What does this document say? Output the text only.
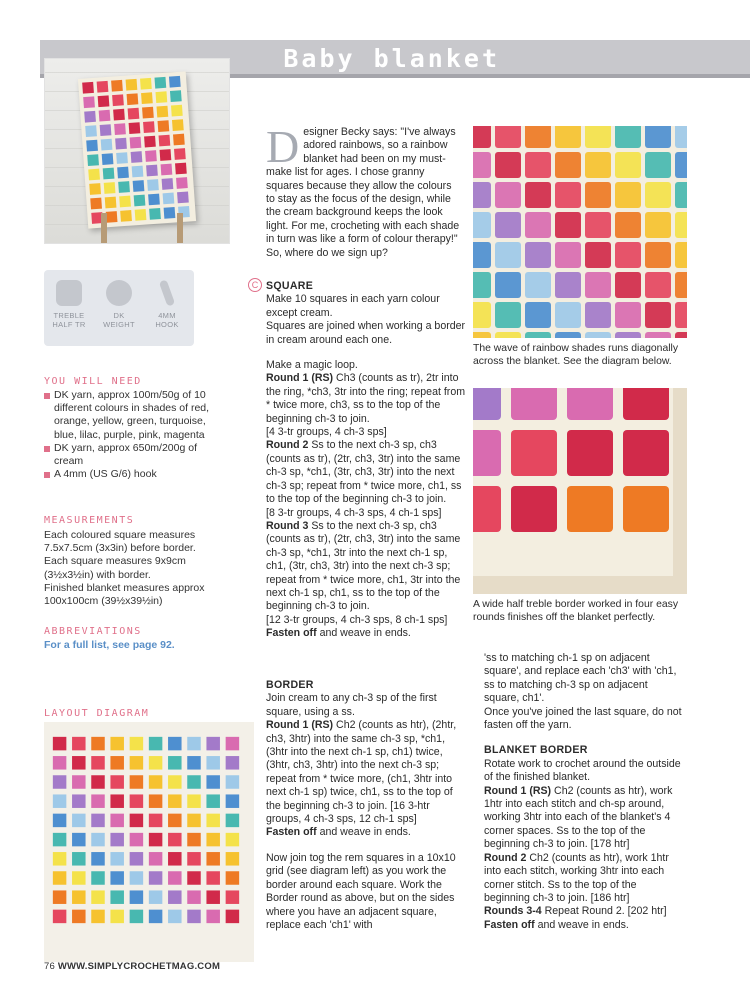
Baby blanket
TREBLE
HALF TR
DK
WEIGHT
4MM
HOOK
YOU WILL NEED
DK yarn, approx 100m/50g of 10 different colours in shades of red, orange, yellow, green, turquoise, blue, lilac, purple, pink, magenta
DK yarn, approx 650m/200g of cream
A 4mm (US G/6) hook
MEASUREMENTS

Each coloured square measures 7.5x7.5cm (3x3in) before border.

Each square measures 9x9cm (3½x3½in) with border.

Finished blanket measures approx 100x100cm (39½x39½in)

ABBREVIATIONS
For a full list, see page 92.
LAYOUT DIAGRAM

Designer Becky says: "I've always adored rainbows, so a rainbow blanket had been on my must-make list for ages. I chose granny squares because they allow the colours to stay as the focus of the design, while the cream background keeps the look light. For me, crocheting with each shade in turn was like a form of colour therapy!" So, where do we sign up?

C SQUARE

Make 10 squares in each yarn colour except cream.

Squares are joined when working a border in cream around each one.

Make a magic loop.

Round 1 (RS) Ch3 (counts as tr), 2tr into the ring, *ch3, 3tr into the ring; repeat from * twice more, ch3, ss to the top of the beginning ch-3 to join.

[4 3-tr groups, 4 ch-3 sps]

Round 2 Ss to the next ch-3 sp, ch3 (counts as tr), (2tr, ch3, 3tr) into the same ch-3 sp, *ch1, (3tr, ch3, 3tr) into the next ch-3 sp; repeat from * twice more, ch1, ss to the top of the beginning ch-3 to join.

[8 3-tr groups, 4 ch-3 sps, 4 ch-1 sps]

Round 3 Ss to the next ch-3 sp, ch3 (counts as tr), (2tr, ch3, 3tr) into the same ch-3 sp, *ch1, 3tr into the next ch-1 sp, ch1, (3tr, ch3, 3tr) into the next ch-3 sp; repeat from * twice more, ch1, 3tr into the next ch-1 sp, ch1, ss to the top of the beginning ch-3 to join.

[12 3-tr groups, 4 ch-3 sps, 8 ch-1 sps]

Fasten off and weave in ends.

BORDER

Join cream to any ch-3 sp of the first square, using a ss.

Round 1 (RS) Ch2 (counts as htr), (2htr, ch3, 3htr) into the same ch-3 sp, *ch1, (3htr into the next ch-1 sp, ch1) twice, (3htr, ch3, 3htr) into the next ch-3 sp; repeat from * twice more, (ch1, 3htr into next ch-1 sp) twice, ch1, ss to the top of the beginning ch-3 to join. [16 3-htr groups, 4 ch-3 sps, 12 ch-1 sps]

Fasten off and weave in ends.

Now join tog the rem squares in a 10x10 grid (see diagram left) as you work the border around each square. Work the Border round as above, but on the sides where you have an adjacent square, replace each 'ch1' with

'ss to matching ch-1 sp on adjacent square', and replace each 'ch3' with 'ch1, ss to matching ch-3 sp on adjacent square, ch1'.

Once you've joined the last square, do not fasten off the yarn.

BLANKET BORDER

Rotate work to crochet around the outside of the finished blanket.

Round 1 (RS) Ch2 (counts as htr), work 1htr into each stitch and ch-sp around, working 3htr into each of the blanket's 4 corner spaces. Ss to the top of the beginning ch-3 to join. [178 htr]

Round 2 Ch2 (counts as htr), work 1htr into each stitch, working 3htr into each corner stitch. Ss to the top of the beginning ch-3 to join. [186 htr]

Rounds 3-4 Repeat Round 2. [202 htr]

Fasten off and weave in ends.

The wave of rainbow shades runs diagonally across the blanket. See the diagram below.
A wide half treble border worked in four easy rounds finishes off the blanket perfectly.
76 WWW.SIMPLYCROCHETMAG.COM
